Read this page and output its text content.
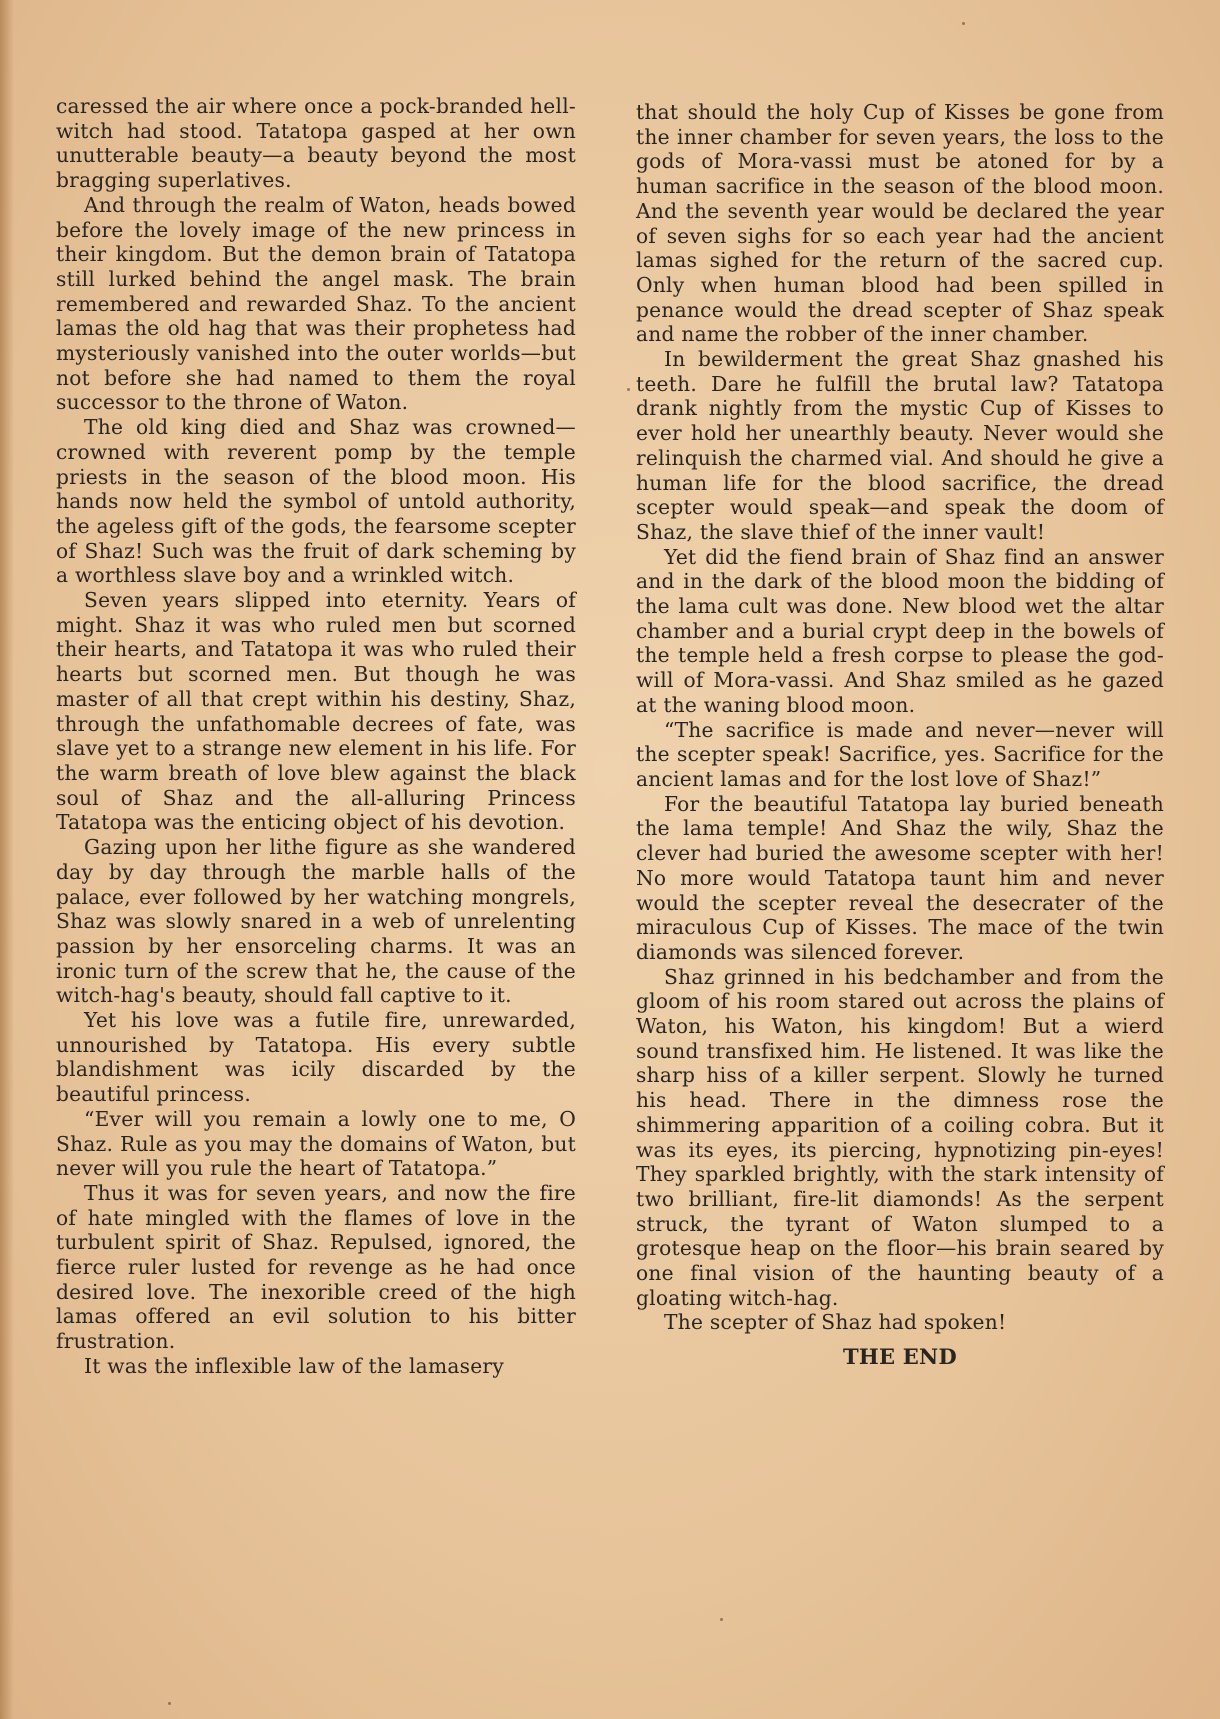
caressed the air where once a pock-branded hell-witch had stood. Tatatopa gasped at her own unutterable beauty—a beauty beyond the most bragging superlatives.

And through the realm of Waton, heads bowed before the lovely image of the new princess in their kingdom. But the demon brain of Tatatopa still lurked behind the angel mask. The brain remembered and rewarded Shaz. To the ancient lamas the old hag that was their prophetess had mysteriously vanished into the outer worlds—but not before she had named to them the royal successor to the throne of Waton.

The old king died and Shaz was crowned—crowned with reverent pomp by the temple priests in the season of the blood moon. His hands now held the symbol of untold authority, the ageless gift of the gods, the fearsome scepter of Shaz! Such was the fruit of dark scheming by a worthless slave boy and a wrinkled witch.

Seven years slipped into eternity. Years of might. Shaz it was who ruled men but scorned their hearts, and Tatatopa it was who ruled their hearts but scorned men. But though he was master of all that crept within his destiny, Shaz, through the unfathomable decrees of fate, was slave yet to a strange new element in his life. For the warm breath of love blew against the black soul of Shaz and the all-alluring Princess Tatatopa was the enticing object of his devotion.

Gazing upon her lithe figure as she wandered day by day through the marble halls of the palace, ever followed by her watching mongrels, Shaz was slowly snared in a web of unrelenting passion by her ensorceling charms. It was an ironic turn of the screw that he, the cause of the witch-hag's beauty, should fall captive to it.

Yet his love was a futile fire, unrewarded, unnourished by Tatatopa. His every subtle blandishment was icily discarded by the beautiful princess.

“Ever will you remain a lowly one to me, O Shaz. Rule as you may the domains of Waton, but never will you rule the heart of Tatatopa.”

Thus it was for seven years, and now the fire of hate mingled with the flames of love in the turbulent spirit of Shaz. Repulsed, ignored, the fierce ruler lusted for revenge as he had once desired love. The inexorible creed of the high lamas offered an evil solution to his bitter frustration.

It was the inflexible law of the lamasery

that should the holy Cup of Kisses be gone from the inner chamber for seven years, the loss to the gods of Mora-vassi must be atoned for by a human sacrifice in the season of the blood moon. And the seventh year would be declared the year of seven sighs for so each year had the ancient lamas sighed for the return of the sacred cup. Only when human blood had been spilled in penance would the dread scepter of Shaz speak and name the robber of the inner chamber.

In bewilderment the great Shaz gnashed his teeth. Dare he fulfill the brutal law? Tatatopa drank nightly from the mystic Cup of Kisses to ever hold her unearthly beauty. Never would she relinquish the charmed vial. And should he give a human life for the blood sacrifice, the dread scepter would speak—and speak the doom of Shaz, the slave thief of the inner vault!

Yet did the fiend brain of Shaz find an answer and in the dark of the blood moon the bidding of the lama cult was done. New blood wet the altar chamber and a burial crypt deep in the bowels of the temple held a fresh corpse to please the god-will of Mora-vassi. And Shaz smiled as he gazed at the waning blood moon.

“The sacrifice is made and never—never will the scepter speak! Sacrifice, yes. Sacrifice for the ancient lamas and for the lost love of Shaz!”

For the beautiful Tatatopa lay buried beneath the lama temple! And Shaz the wily, Shaz the clever had buried the awesome scepter with her! No more would Tatatopa taunt him and never would the scepter reveal the desecrater of the miraculous Cup of Kisses. The mace of the twin diamonds was silenced forever.

Shaz grinned in his bedchamber and from the gloom of his room stared out across the plains of Waton, his Waton, his kingdom! But a wierd sound transfixed him. He listened. It was like the sharp hiss of a killer serpent. Slowly he turned his head. There in the dimness rose the shimmering apparition of a coiling cobra. But it was its eyes, its piercing, hypnotizing pin-eyes! They sparkled brightly, with the stark intensity of two brilliant, fire-lit diamonds! As the serpent struck, the tyrant of Waton slumped to a grotesque heap on the floor—his brain seared by one final vision of the haunting beauty of a gloating witch-hag.

The scepter of Shaz had spoken!

THE END
